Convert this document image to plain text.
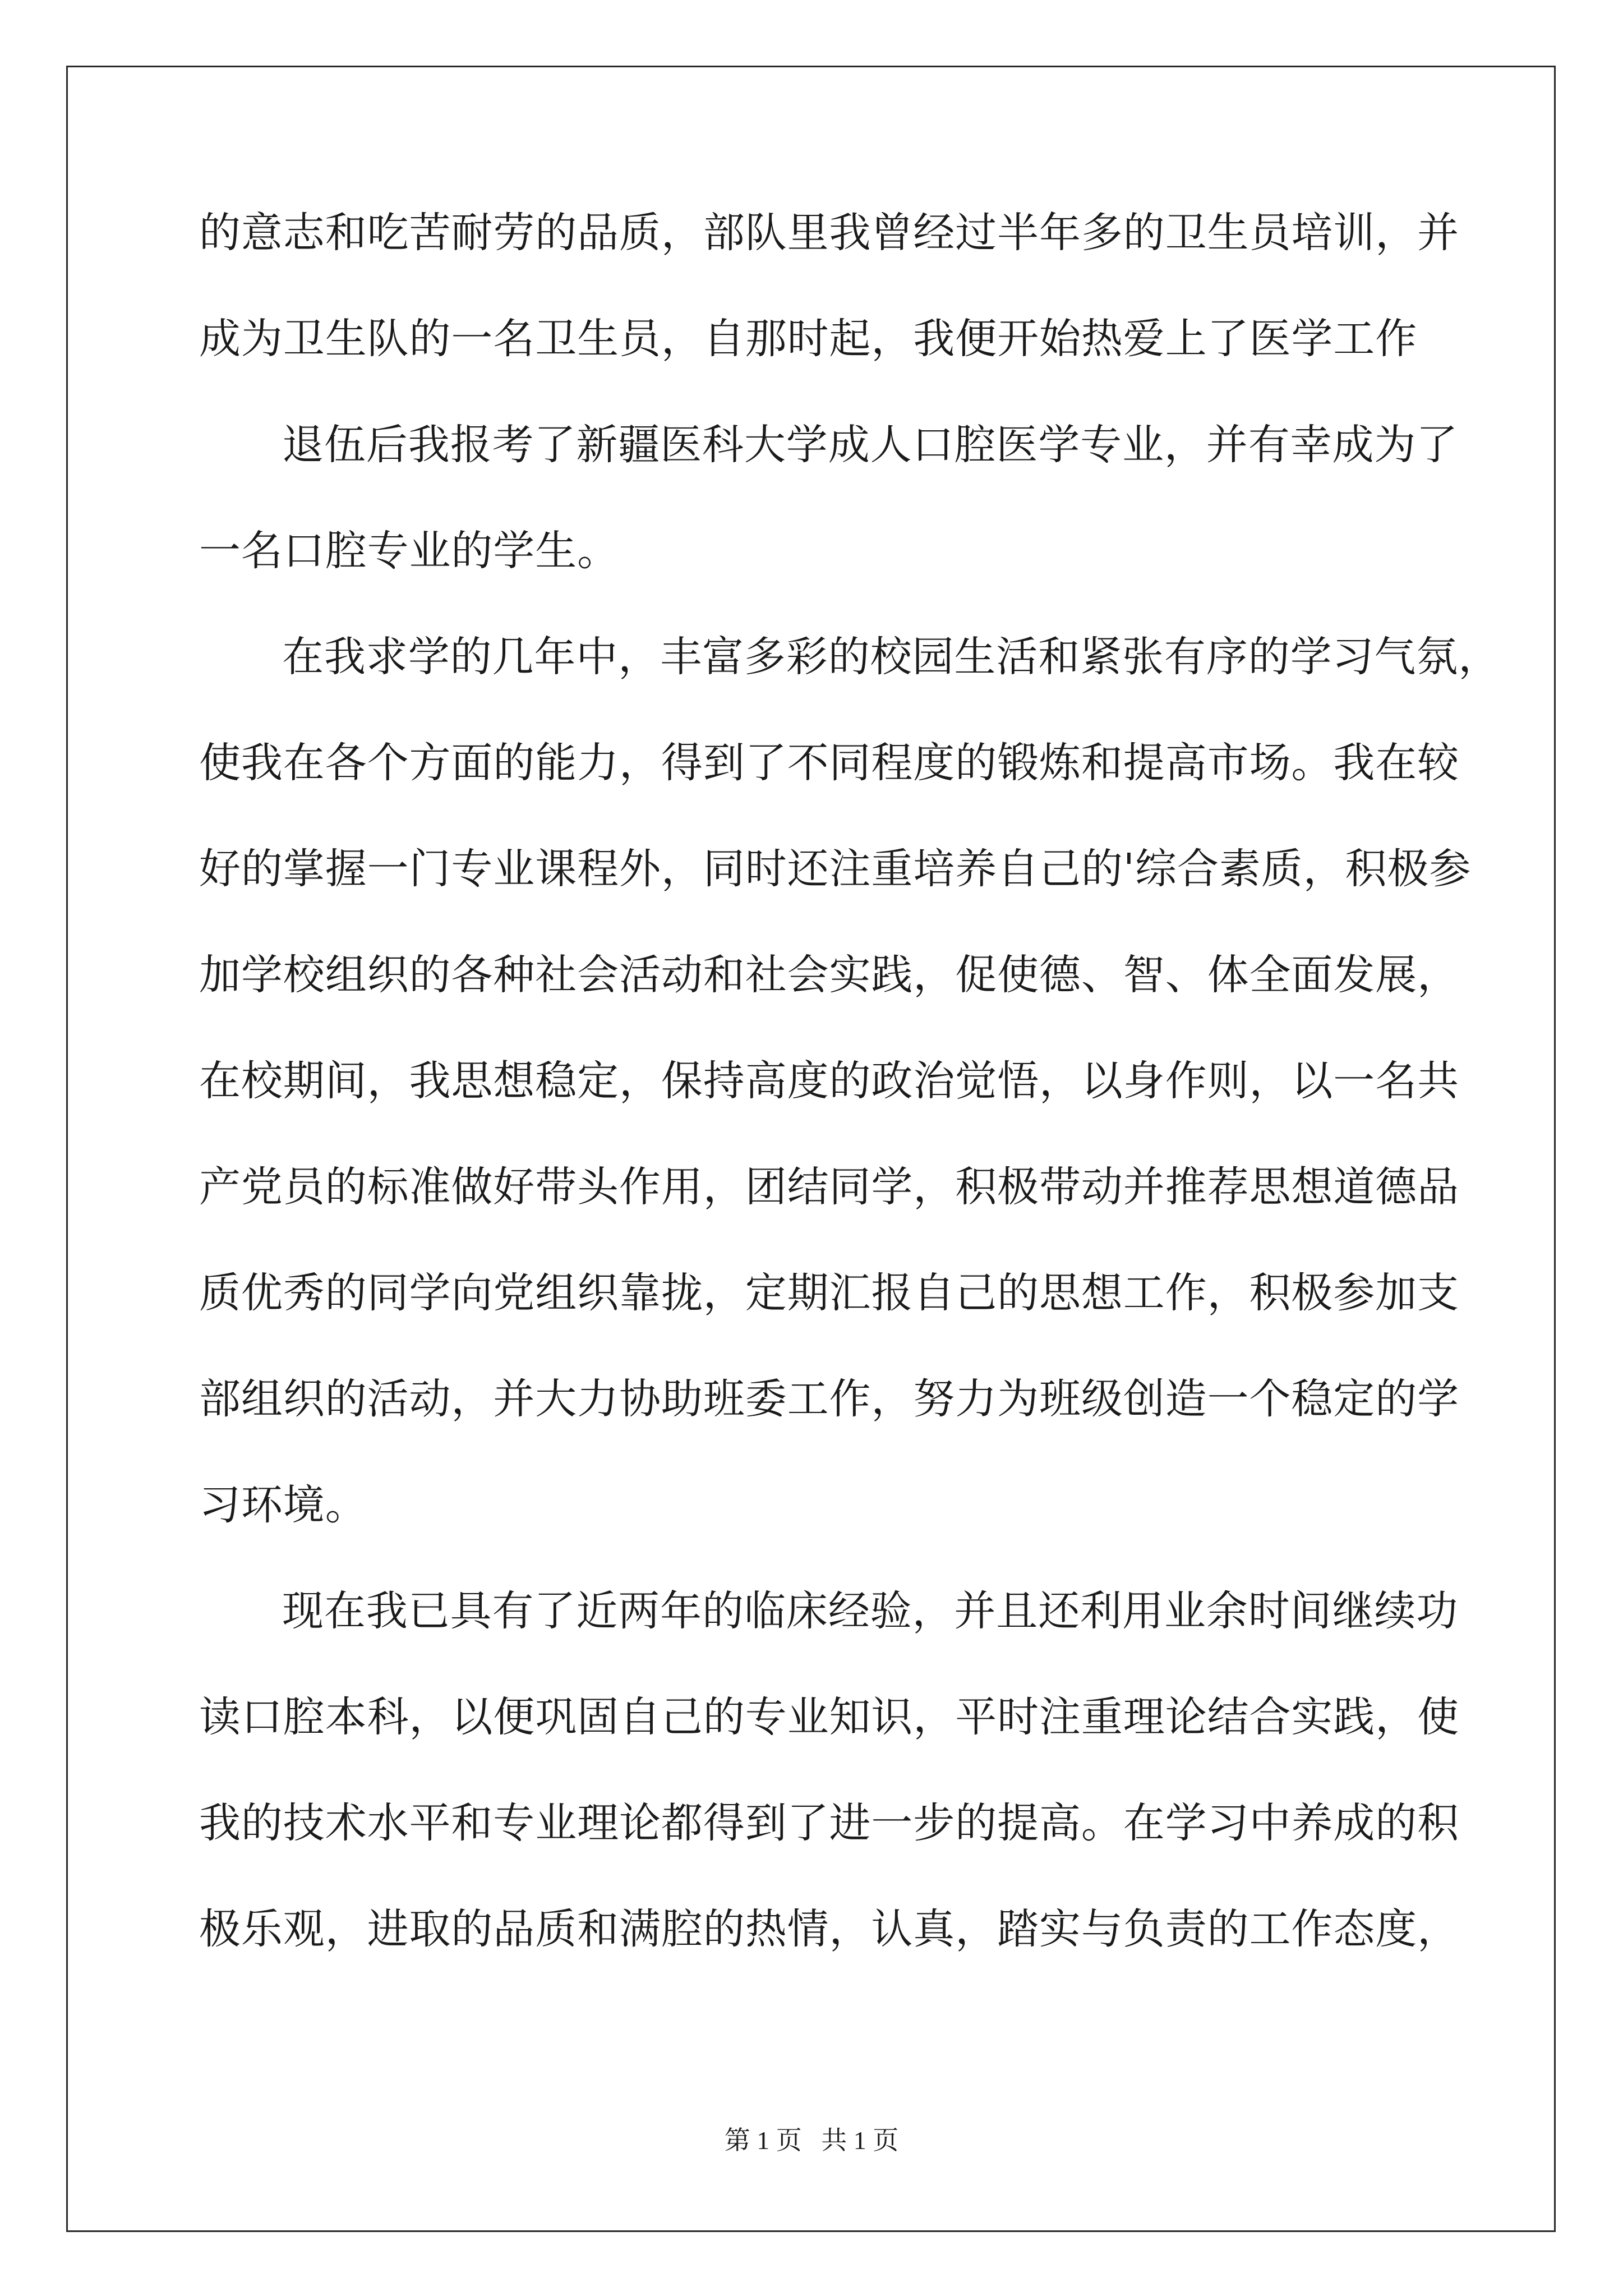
的意志和吃苦耐劳的品质，部队里我曾经过半年多的卫生员培训，并
成为卫生队的一名卫生员，自那时起，我便开始热爱上了医学工作
退伍后我报考了新疆医科大学成人口腔医学专业，并有幸成为了
一名口腔专业的学生。
在我求学的几年中，丰富多彩的校园生活和紧张有序的学习气氛，
使我在各个方面的能力，得到了不同程度的锻炼和提高市场。我在较
好的掌握一门专业课程外，同时还注重培养自己的'综合素质，积极参
加学校组织的各种社会活动和社会实践，促使德、智、体全面发展，
在校期间，我思想稳定，保持高度的政治觉悟，以身作则，以一名共
产党员的标准做好带头作用，团结同学，积极带动并推荐思想道德品
质优秀的同学向党组织靠拢，定期汇报自己的思想工作，积极参加支
部组织的活动，并大力协助班委工作，努力为班级创造一个稳定的学
习环境。
现在我已具有了近两年的临床经验，并且还利用业余时间继续功
读口腔本科，以便巩固自己的专业知识，平时注重理论结合实践，使
我的技术水平和专业理论都得到了进一步的提高。在学习中养成的积
极乐观，进取的品质和满腔的热情，认真，踏实与负责的工作态度，
第 1 页   共 1 页
